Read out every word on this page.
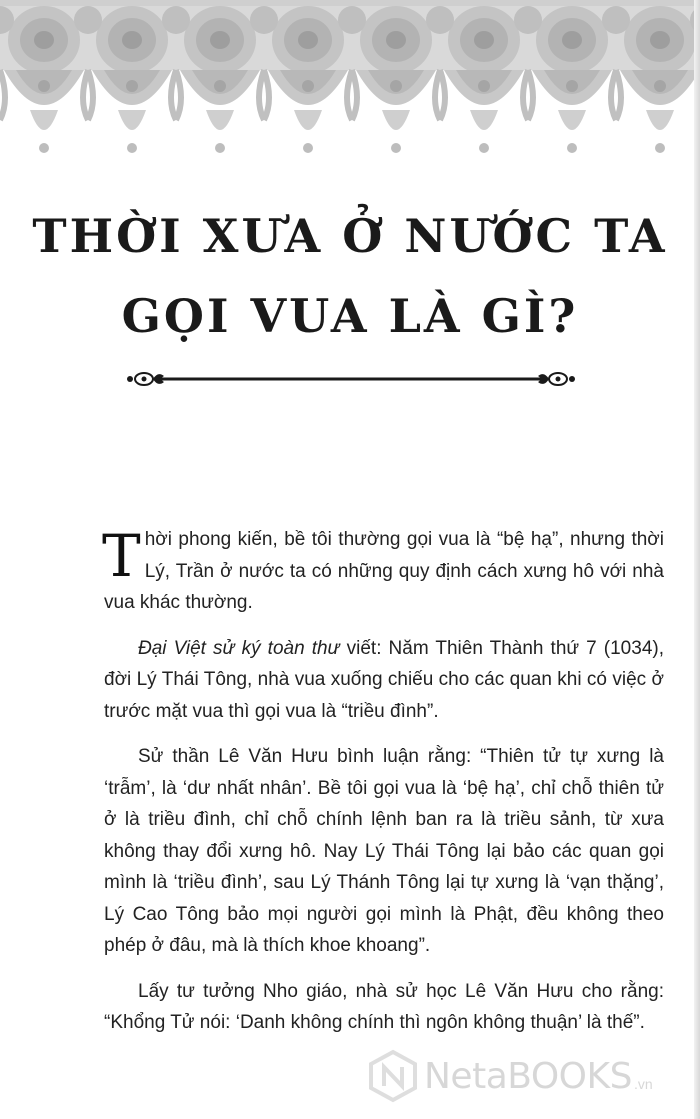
THỜI XƯA Ở NƯỚC TA
GỌI VUA LÀ GÌ?

Thời phong kiến, bề tôi thường gọi vua là “bệ hạ”, nhưng thời Lý, Trần ở nước ta có những quy định cách xưng hô với nhà vua khác thường.

Đại Việt sử ký toàn thư viết: Năm Thiên Thành thứ 7 (1034), đời Lý Thái Tông, nhà vua xuống chiếu cho các quan khi có việc ở trước mặt vua thì gọi vua là “triều đình”.

Sử thần Lê Văn Hưu bình luận rằng: “Thiên tử tự xưng là ‘trẫm’, là ‘dư nhất nhân’. Bề tôi gọi vua là ‘bệ hạ’, chỉ chỗ thiên tử ở là triều đình, chỉ chỗ chính lệnh ban ra là triều sảnh, từ xưa không thay đổi xưng hô. Nay Lý Thái Tông lại bảo các quan gọi mình là ‘triều đình’, sau Lý Thánh Tông lại tự xưng là ‘vạn thặng’, Lý Cao Tông bảo mọi người gọi mình là Phật, đều không theo phép ở đâu, mà là thích khoe khoang”.

Lấy tư tưởng Nho giáo, nhà sử học Lê Văn Hưu cho rằng: “Khổng Tử nói: ‘Danh không chính thì ngôn không thuận’ là thế”.

NetaBOOKS .vn
